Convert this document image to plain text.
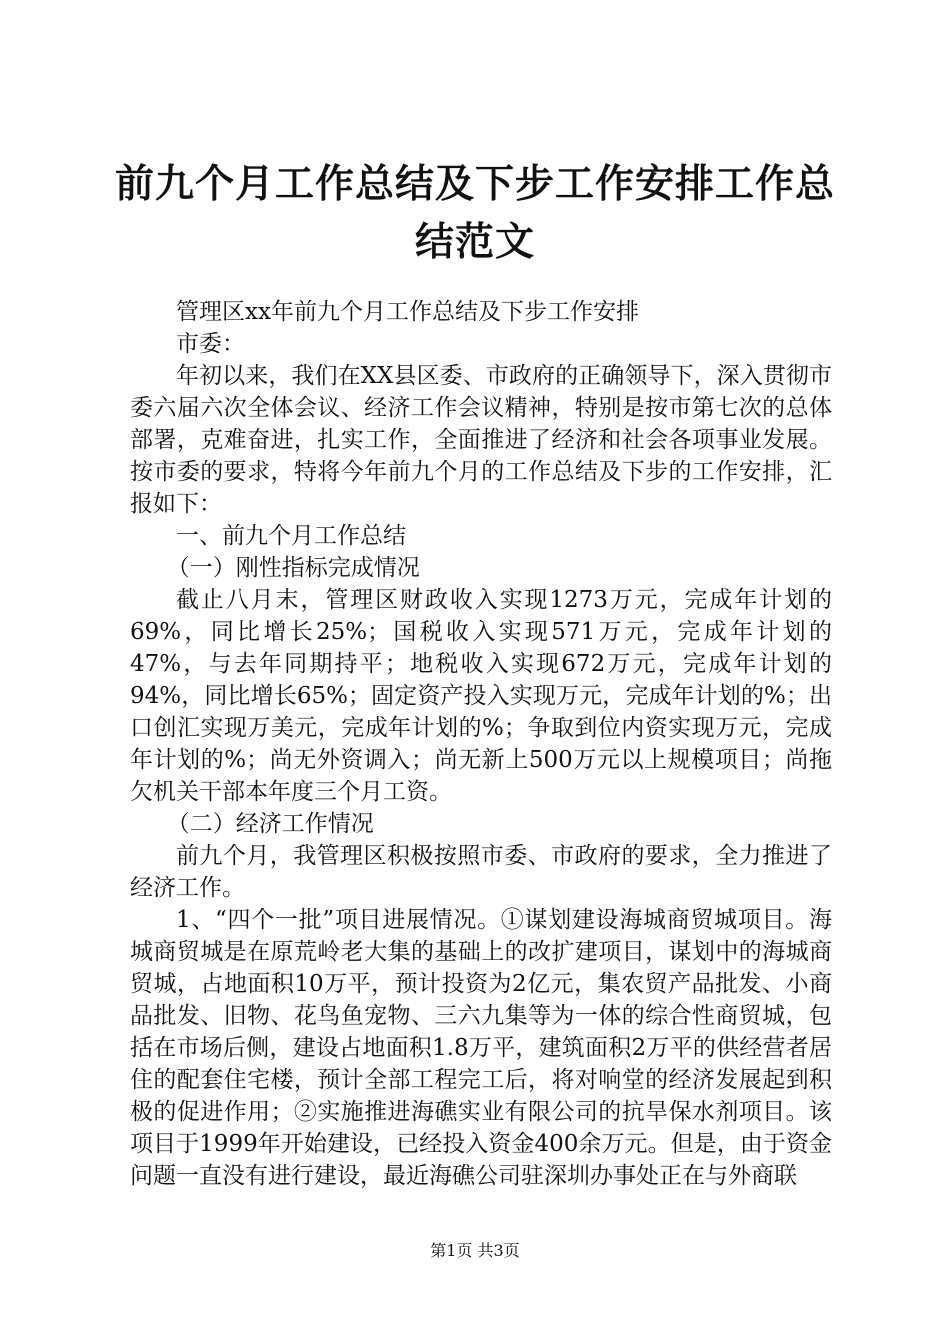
前九个月工作总结及下步工作安排工作总结范文

管理区xx年前九个月工作总结及下步工作安排

市委：

年初以来，我们在XX县区委、市政府的正确领导下，深入贯彻市委六届六次全体会议、经济工作会议精神，特别是按市第七次的总体部署，克难奋进，扎实工作，全面推进了经济和社会各项事业发展。按市委的要求，特将今年前九个月的工作总结及下步的工作安排，汇报如下：

一、前九个月工作总结

（一）刚性指标完成情况

截止八月末，管理区财政收入实现1273万元，完成年计划的69%，同比增长25%；国税收入实现571万元，完成年计划的47%，与去年同期持平；地税收入实现672万元，完成年计划的94%，同比增长65%；固定资产投入实现万元，完成年计划的%；出口创汇实现万美元，完成年计划的%；争取到位内资实现万元，完成年计划的%；尚无外资调入；尚无新上500万元以上规模项目；尚拖欠机关干部本年度三个月工资。

（二）经济工作情况

前九个月，我管理区积极按照市委、市政府的要求，全力推进了经济工作。

1、“四个一批”项目进展情况。①谋划建设海城商贸城项目。海城商贸城是在原荒岭老大集的基础上的改扩建项目，谋划中的海城商贸城，占地面积10万平，预计投资为2亿元，集农贸产品批发、小商品批发、旧物、花鸟鱼宠物、三六九集等为一体的综合性商贸城，包括在市场后侧，建设占地面积1.8万平，建筑面积2万平的供经营者居住的配套住宅楼，预计全部工程完工后，将对响堂的经济发展起到积极的促进作用；②实施推进海礁实业有限公司的抗旱保水剂项目。该项目于1999年开始建设，已经投入资金400余万元。但是，由于资金问题一直没有进行建设，最近海礁公司驻深圳办事处正在与外商联

第1页 共3页
